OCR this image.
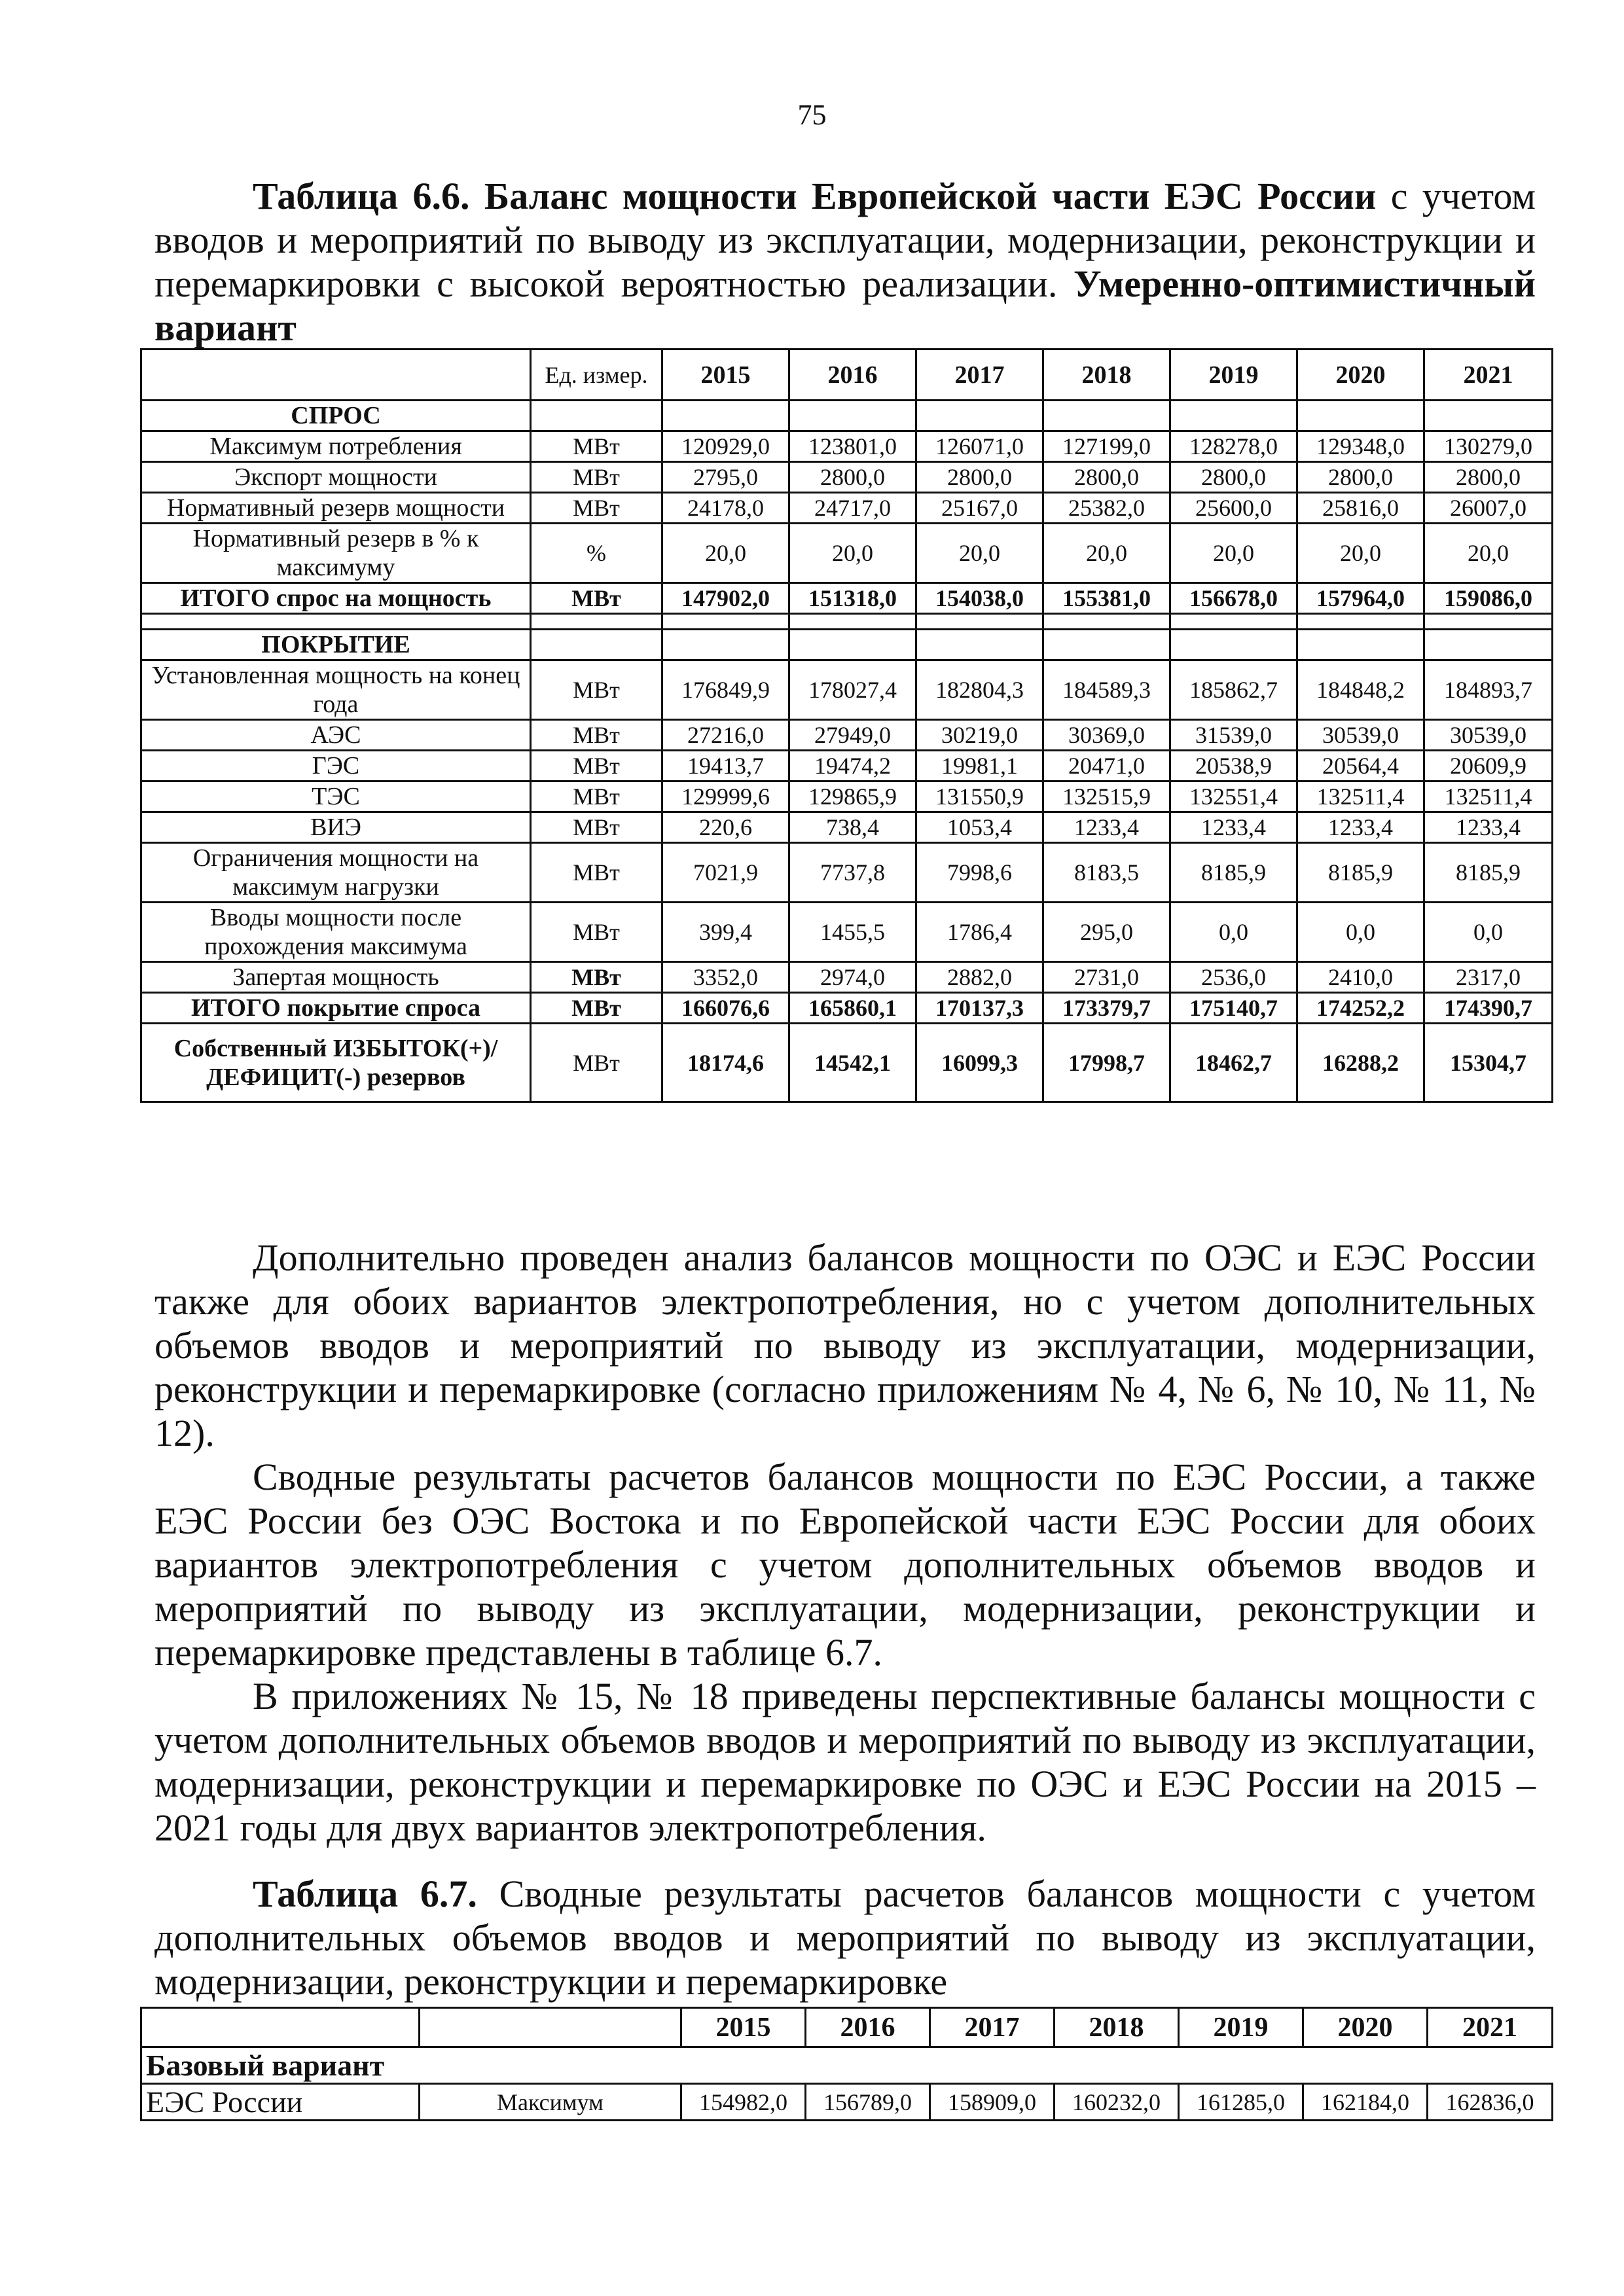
75
Таблица 6.6. Баланс мощности Европейской части ЕЭС России с учетом вводов и мероприятий по выводу из эксплуатации, модернизации, реконструкции и перемаркировки с высокой вероятностью реализации. Умеренно-оптимистичный вариант
	Ед. измер.	2015	2016	2017	2018	2019	2020	2021
СПРОС								
Максимум потребления	МВт	120929,0	123801,0	126071,0	127199,0	128278,0	129348,0	130279,0
Экспорт мощности	МВт	2795,0	2800,0	2800,0	2800,0	2800,0	2800,0	2800,0
Нормативный резерв мощности	МВт	24178,0	24717,0	25167,0	25382,0	25600,0	25816,0	26007,0
Нормативный резерв в % к максимуму	%	20,0	20,0	20,0	20,0	20,0	20,0	20,0
ИТОГО спрос на мощность	МВт	147902,0	151318,0	154038,0	155381,0	156678,0	157964,0	159086,0

ПОКРЫТИЕ								
Установленная мощность на конец года	МВт	176849,9	178027,4	182804,3	184589,3	185862,7	184848,2	184893,7
АЭС	МВт	27216,0	27949,0	30219,0	30369,0	31539,0	30539,0	30539,0
ГЭС	МВт	19413,7	19474,2	19981,1	20471,0	20538,9	20564,4	20609,9
ТЭС	МВт	129999,6	129865,9	131550,9	132515,9	132551,4	132511,4	132511,4
ВИЭ	МВт	220,6	738,4	1053,4	1233,4	1233,4	1233,4	1233,4
Ограничения мощности на максимум нагрузки	МВт	7021,9	7737,8	7998,6	8183,5	8185,9	8185,9	8185,9
Вводы мощности после прохождения максимума	МВт	399,4	1455,5	1786,4	295,0	0,0	0,0	0,0
Запертая мощность	МВт	3352,0	2974,0	2882,0	2731,0	2536,0	2410,0	2317,0
ИТОГО покрытие спроса	МВт	166076,6	165860,1	170137,3	173379,7	175140,7	174252,2	174390,7
Собственный ИЗБЫТОК(+)/ДЕФИЦИТ(-) резервов	МВт	18174,6	14542,1	16099,3	17998,7	18462,7	16288,2	15304,7
Дополнительно проведен анализ балансов мощности по ОЭС и ЕЭС России также для обоих вариантов электропотребления, но с учетом дополнительных объемов вводов и мероприятий по выводу из эксплуатации, модернизации, реконструкции и перемаркировке (согласно приложениям № 4, № 6, № 10, № 11, № 12).
Сводные результаты расчетов балансов мощности по ЕЭС России, а также ЕЭС России без ОЭС Востока и по Европейской части ЕЭС России для обоих вариантов электропотребления с учетом дополнительных объемов вводов и мероприятий по выводу из эксплуатации, модернизации, реконструкции и перемаркировке представлены в таблице 6.7.
В приложениях № 15, № 18 приведены перспективные балансы мощности с учетом дополнительных объемов вводов и мероприятий по выводу из эксплуатации, модернизации, реконструкции и перемаркировке по ОЭС и ЕЭС России на 2015 – 2021 годы для двух вариантов электропотребления.
Таблица 6.7. Сводные результаты расчетов балансов мощности с учетом дополнительных объемов вводов и мероприятий по выводу из эксплуатации, модернизации, реконструкции и перемаркировке
		2015	2016	2017	2018	2019	2020	2021
Базовый вариант								
ЕЭС России	Максимум	154982,0	156789,0	158909,0	160232,0	161285,0	162184,0	162836,0
